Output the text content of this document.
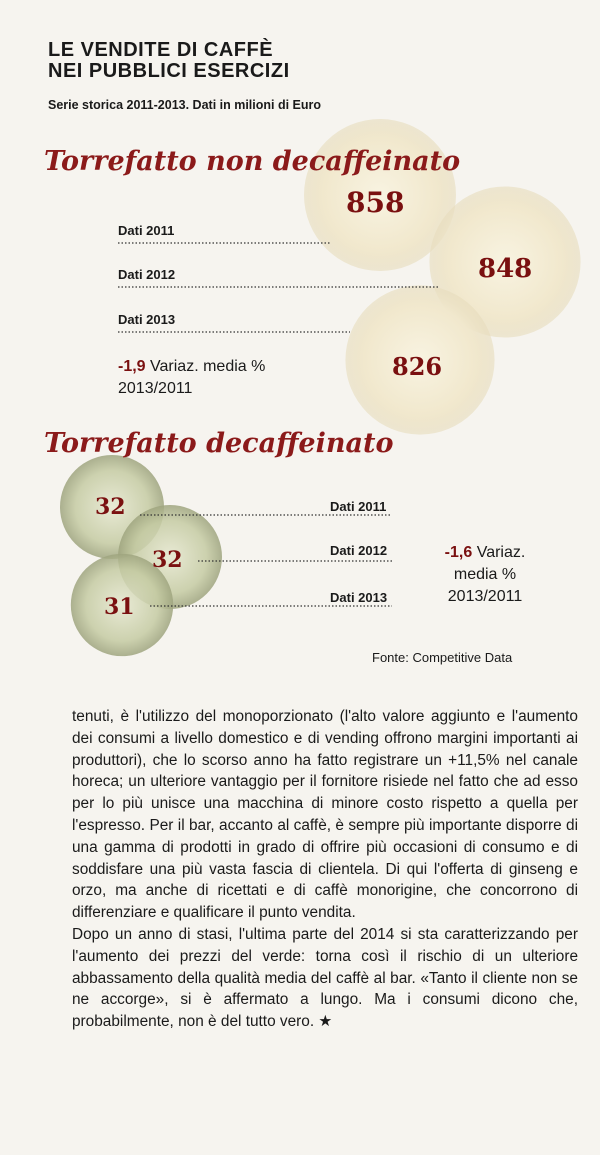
LE VENDITE DI CAFFÈ
NEI PUBBLICI ESERCIZI
Serie storica 2011-2013. Dati in milioni di Euro
Torrefatto non decaffeinato
Torrefatto decaffeinato
Dati 2011
Dati 2012
Dati 2013
858
848
826
-1,9 Variaz. media %
2013/2011
Dati 2011
Dati 2012
Dati 2013
32
32
31
-1,6 Variaz.
media %
2013/2011
Fonte: Competitive Data

tenuti, è l'utilizzo del monoporzionato (l'alto valore aggiunto e l'aumento dei consumi a livello domestico e di vending offrono margini importanti ai produttori), che lo scorso anno ha fatto registrare un +11,5% nel canale horeca; un ulteriore vantaggio per il fornitore risiede nel fatto che ad esso per lo più unisce una macchina di minore costo rispetto a quella per l'espresso. Per il bar, accanto al caffè, è sempre più importante disporre di una gamma di prodotti in grado di offrire più occasioni di consumo e di soddisfare una più vasta fascia di clientela. Di qui l'offerta di ginseng e orzo, ma anche di ricettati e di caffè monorigine, che concorrono di differenziare e qualificare il punto vendita.

Dopo un anno di stasi, l'ultima parte del 2014 si sta caratterizzando per l'aumento dei prezzi del verde: torna così il rischio di un ulteriore abbassamento della qualità media del caffè al bar. «Tanto il cliente non se ne accorge», si è affermato a lungo. Ma i consumi dicono che, probabilmente, non è del tutto vero. ★
